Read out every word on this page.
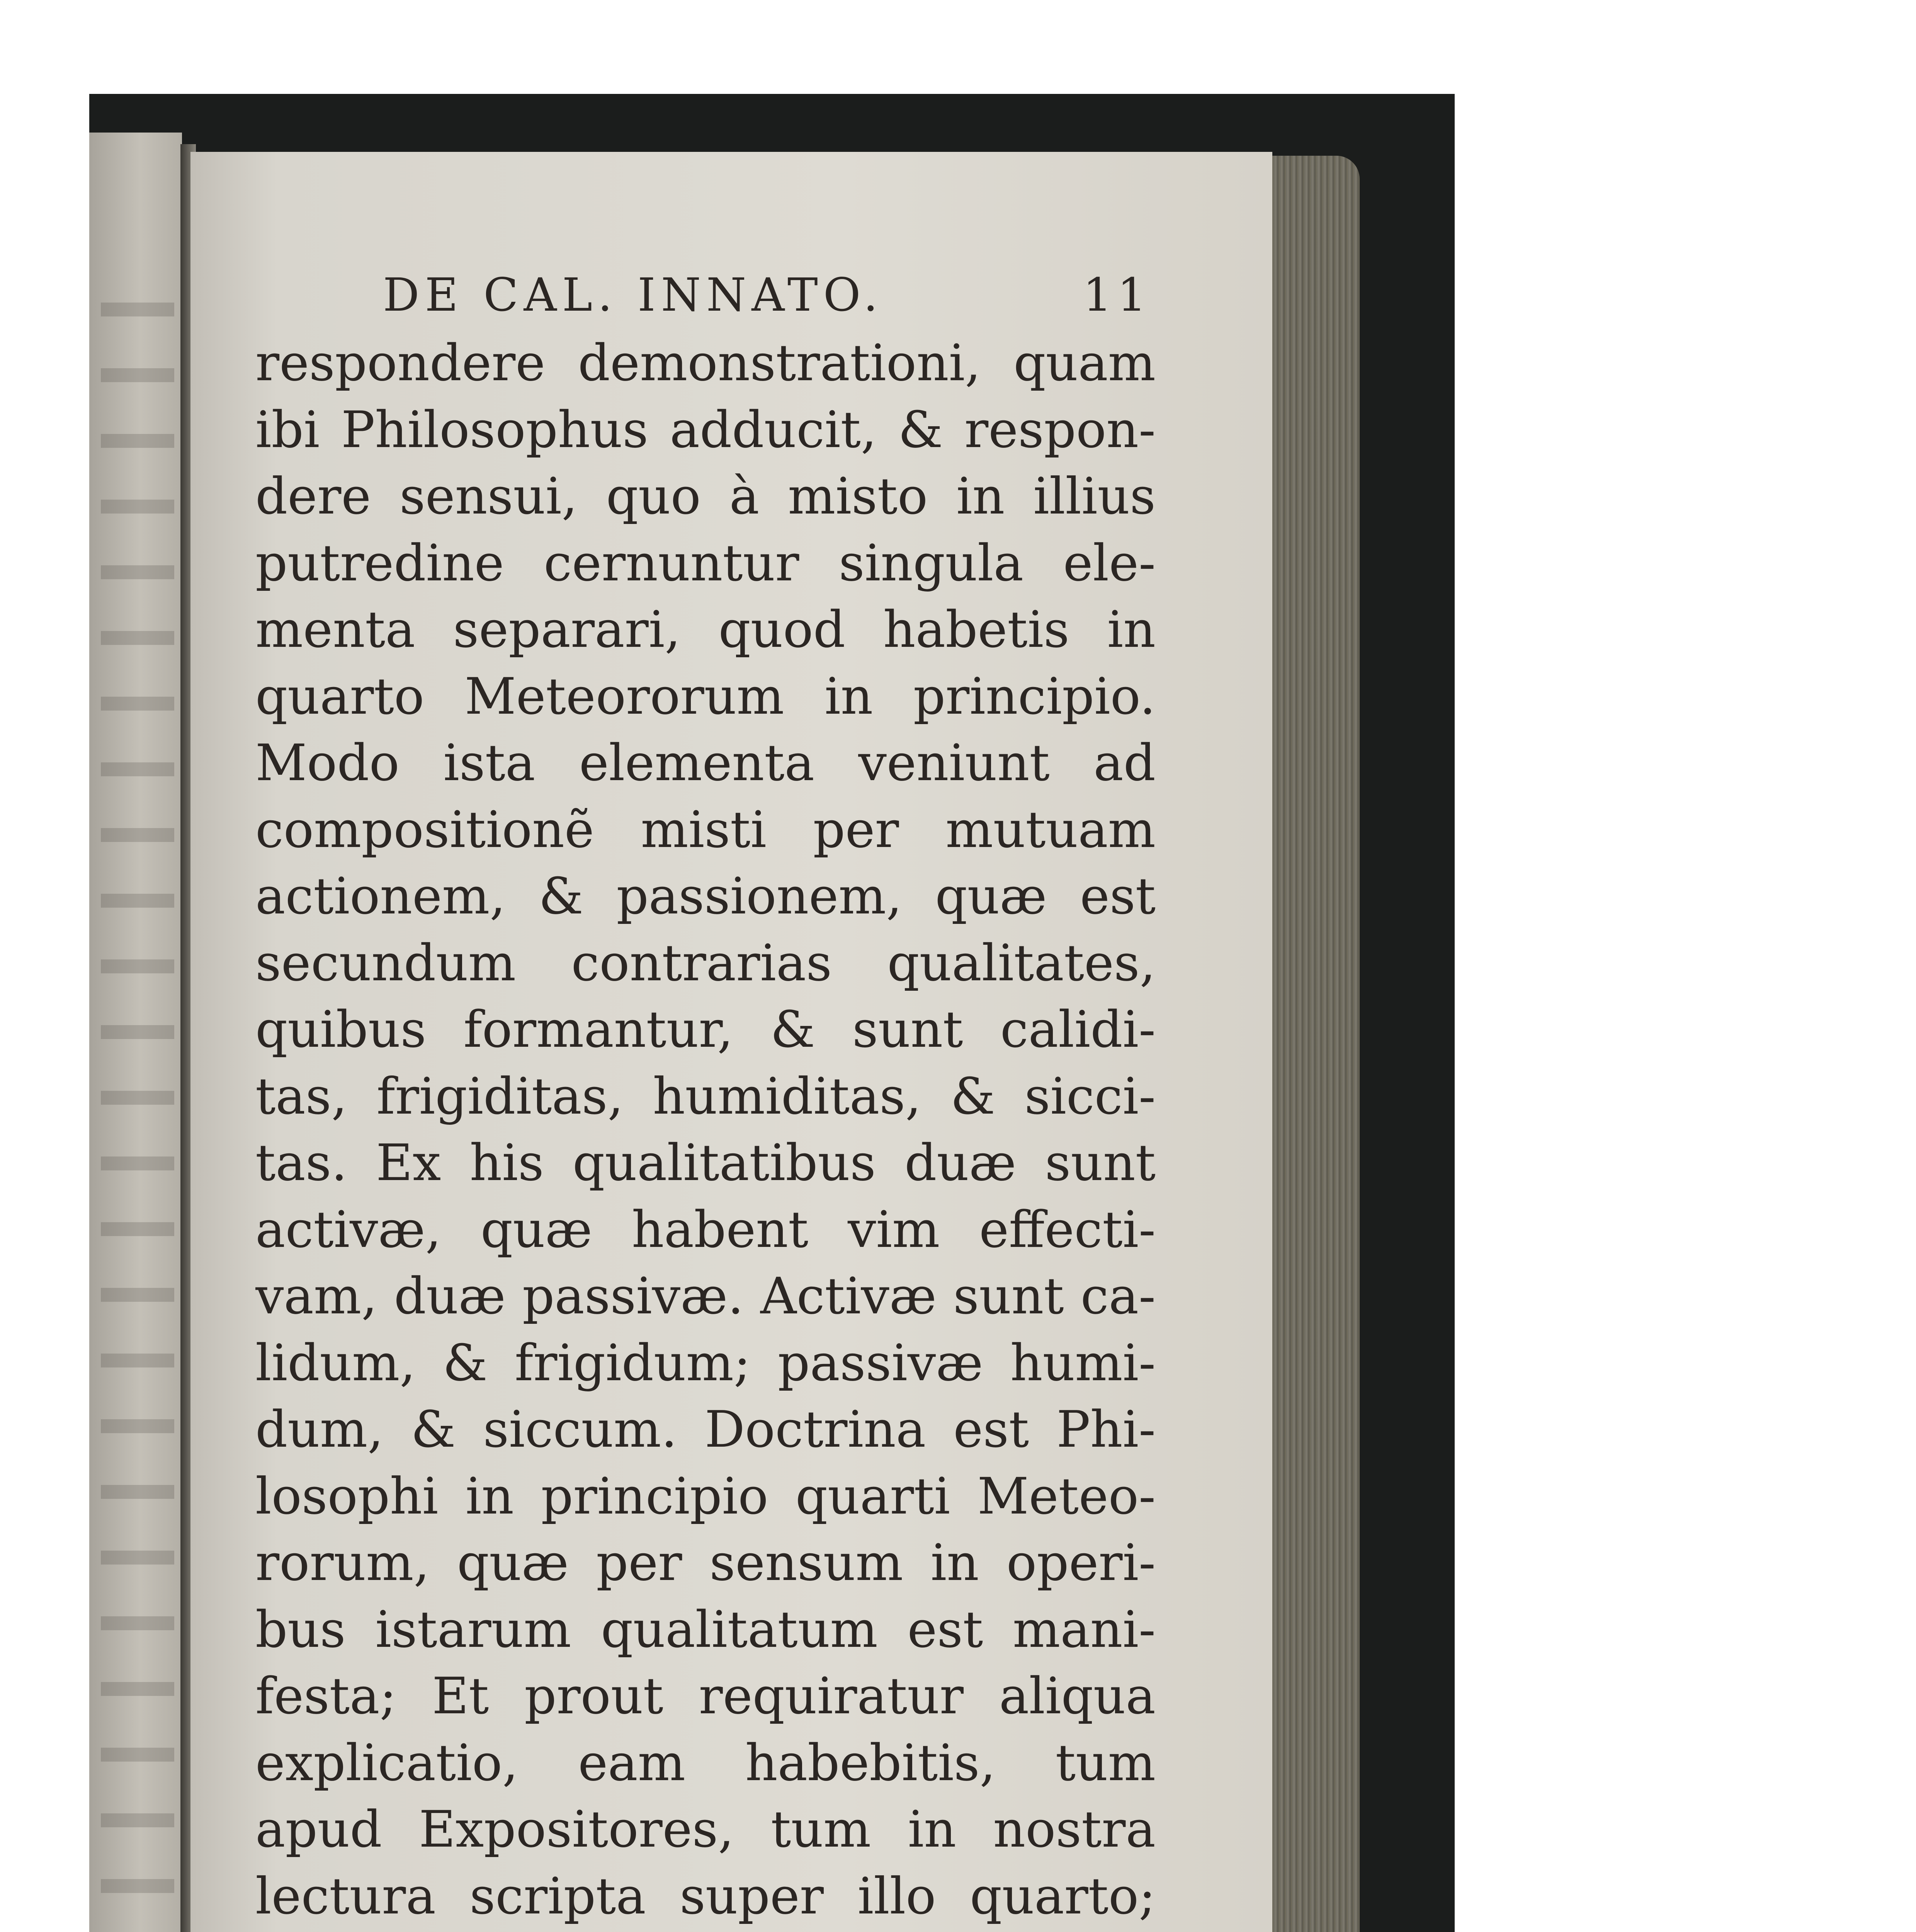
DE CAL. INNATO.	11
respondere demonstrationi, quam
ibi Philosophus adducit, & respon-
dere sensui, quo à misto in illius
putredine cernuntur singula ele-
menta separari, quod habetis in
quarto Meteororum in principio.
Modo ista elementa veniunt ad
compositionẽ misti per mutuam
actionem, & passionem, quæ est
secundum contrarias qualitates,
quibus formantur, & sunt calidi-
tas, frigiditas, humiditas, & sicci-
tas. Ex his qualitatibus duæ sunt
activæ, quæ habent vim effecti-
vam, duæ passivæ. Activæ sunt ca-
lidum, & frigidum; passivæ humi-
dum, & siccum. Doctrina est Phi-
losophi in principio quarti Meteo-
rorum, quæ per sensum in operi-
bus istarum qualitatum est mani-
festa; Et prout requiratur aliqua
explicatio, eam habebitis, tum
apud Expositores, tum in nostra
lectura scripta super illo quarto;
